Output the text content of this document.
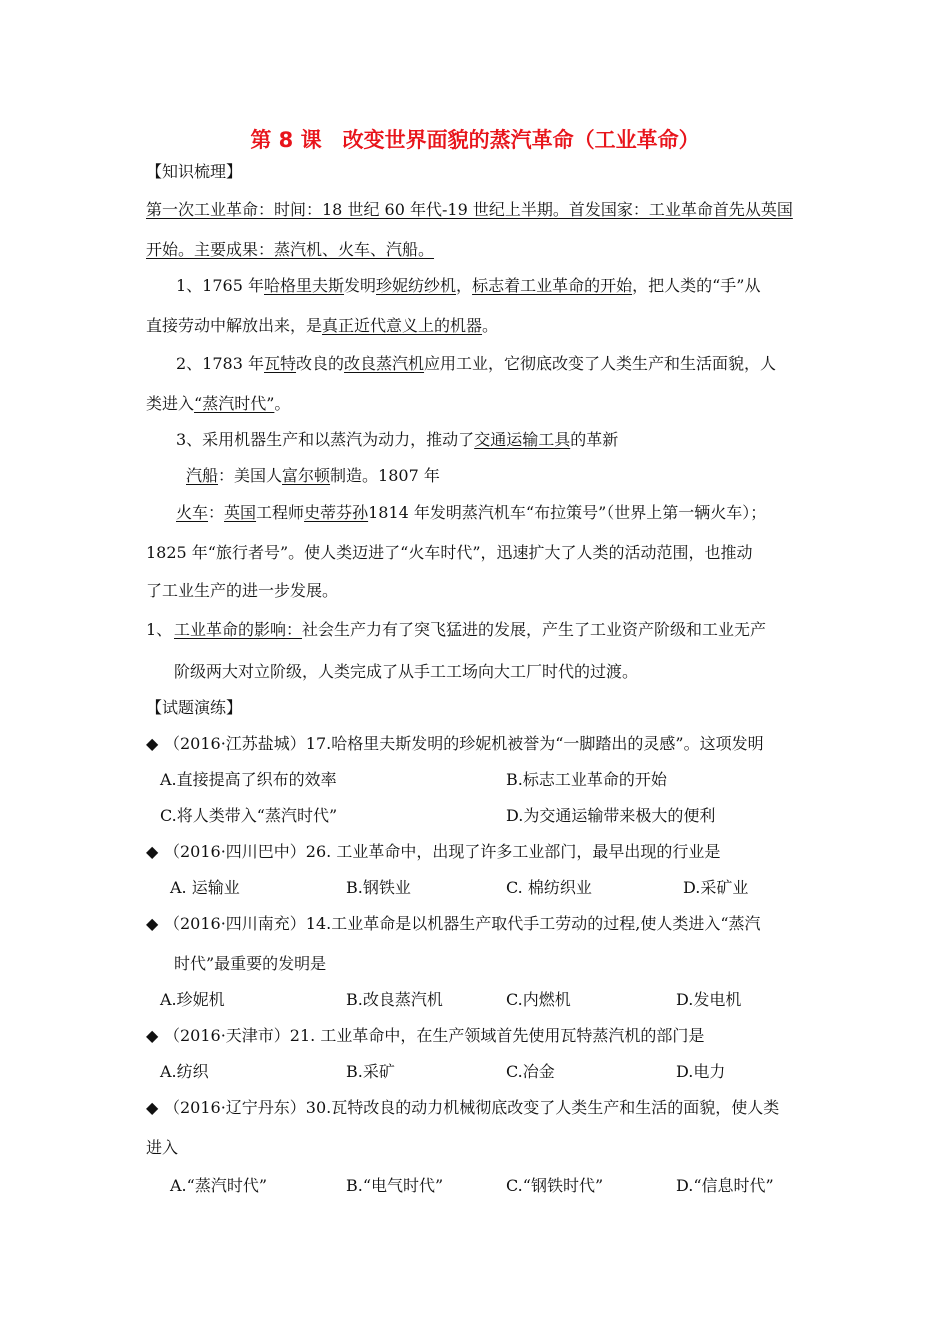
第 8 课　改变世界面貌的蒸汽革命（工业革命）
【知识梳理】
第一次工业革命：时间：18 世纪 60 年代-19 世纪上半期。首发国家：工业革命首先从英国
开始。主要成果：蒸汽机、火车、汽船。
1、1765 年哈格里夫斯发明珍妮纺纱机，标志着工业革命的开始，把人类的“手”从
直接劳动中解放出来，是真正近代意义上的机器。
2、1783 年瓦特改良的改良蒸汽机应用工业，它彻底改变了人类生产和生活面貌，人
类进入“蒸汽时代”。
3、采用机器生产和以蒸汽为动力，推动了交通运输工具的革新
汽船：美国人富尔顿制造。1807 年
火车：英国工程师史蒂芬孙1814 年发明蒸汽机车“布拉策号”（世界上第一辆火车）；
1825 年“旅行者号”。使人类迈进了“火车时代”，迅速扩大了人类的活动范围，也推动
了工业生产的进一步发展。
1、 工业革命的影响：社会生产力有了突飞猛进的发展，产生了工业资产阶级和工业无产
阶级两大对立阶级，人类完成了从手工工场向大工厂时代的过渡。
【试题演练】
◆ （2016·江苏盐城）17.哈格里夫斯发明的珍妮机被誉为“一脚踏出的灵感”。这项发明
A.直接提高了织布的效率	B.标志工业革命的开始
C.将人类带入“蒸汽时代”	D.为交通运输带来极大的便利
◆ （2016·四川巴中）26. 工业革命中，出现了许多工业部门，最早出现的行业是
A. 运输业	B.钢铁业	C. 棉纺织业	D.采矿业
◆ （2016·四川南充）14.工业革命是以机器生产取代手工劳动的过程,使人类进入“蒸汽
时代”最重要的发明是
A.珍妮机	B.改良蒸汽机	C.内燃机	D.发电机
◆ （2016·天津市）21. 工业革命中，在生产领域首先使用瓦特蒸汽机的部门是
A.纺织	B.采矿	C.冶金	D.电力
◆ （2016·辽宁丹东）30.瓦特改良的动力机械彻底改变了人类生产和生活的面貌，使人类
进入
A.“蒸汽时代”	B.“电气时代”	C.“钢铁时代”	D.“信息时代”
